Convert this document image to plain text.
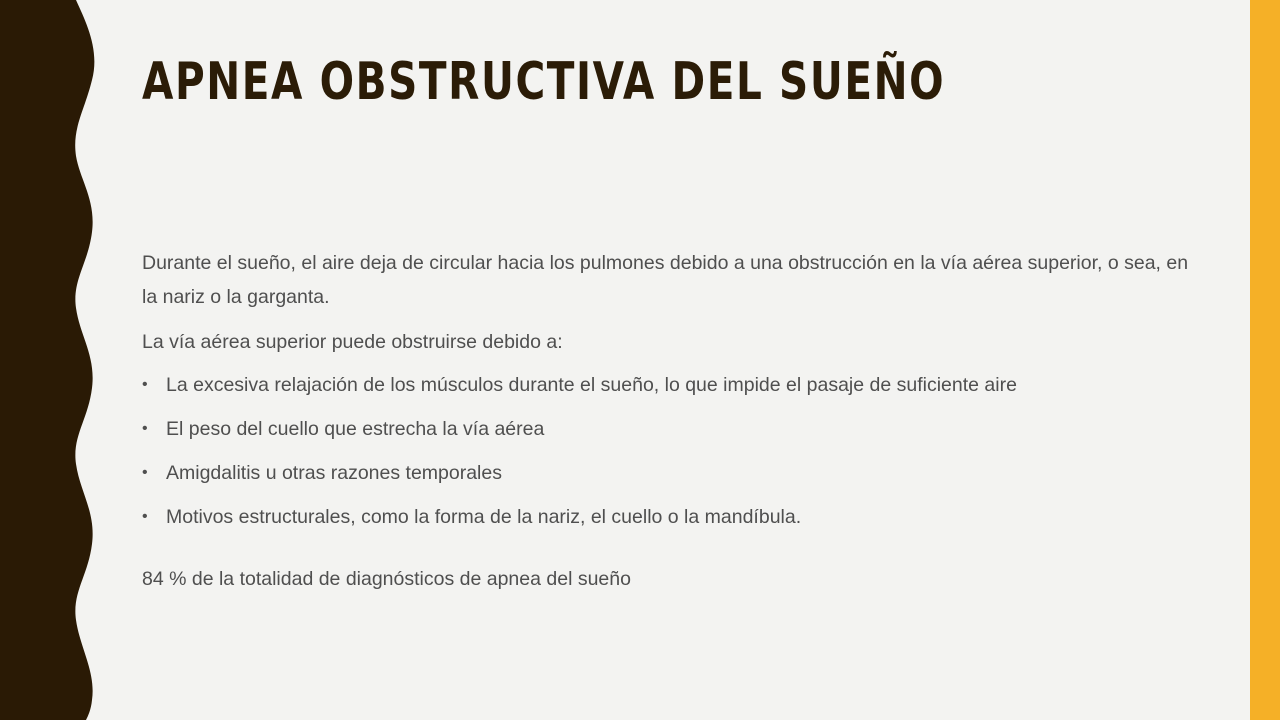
APNEA OBSTRUCTIVA DEL SUEÑO

Durante el sueño, el aire deja de circular hacia los pulmones debido a una obstrucción en la vía aérea superior, o sea, en la nariz o la garganta.

La vía aérea superior puede obstruirse debido a:

• La excesiva relajación de los músculos durante el sueño, lo que impide el pasaje de suficiente aire
• El peso del cuello que estrecha la vía aérea
• Amigdalitis u otras razones temporales
• Motivos estructurales, como la forma de la nariz, el cuello o la mandíbula.

84 % de la totalidad de diagnósticos de apnea del sueño
